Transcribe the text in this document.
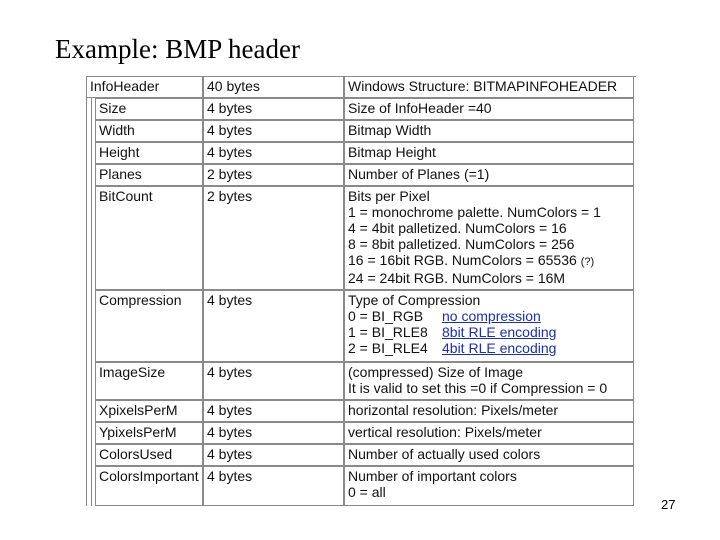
Example: BMP header
InfoHeader	40 bytes	Windows Structure: BITMAPINFOHEADER
Size	4 bytes	Size of InfoHeader =40
Width	4 bytes	Bitmap Width
Height	4 bytes	Bitmap Height
Planes	2 bytes	Number of Planes (=1)
BitCount	2 bytes	Bits per Pixel
1 = monochrome palette. NumColors = 1
4 = 4bit palletized. NumColors = 16
8 = 8bit palletized. NumColors = 256
16 = 16bit RGB. NumColors = 65536 (?)
24 = 24bit RGB. NumColors = 16M
Compression	4 bytes	Type of Compression
0 = BI_RGB no compression
1 = BI_RLE8 8bit RLE encoding
2 = BI_RLE4 4bit RLE encoding
ImageSize	4 bytes	(compressed) Size of Image
It is valid to set this =0 if Compression = 0
XpixelsPerM	4 bytes	horizontal resolution: Pixels/meter
YpixelsPerM	4 bytes	vertical resolution: Pixels/meter
ColorsUsed	4 bytes	Number of actually used colors
ColorsImportant 4 bytes	Number of important colors
0 = all
27
